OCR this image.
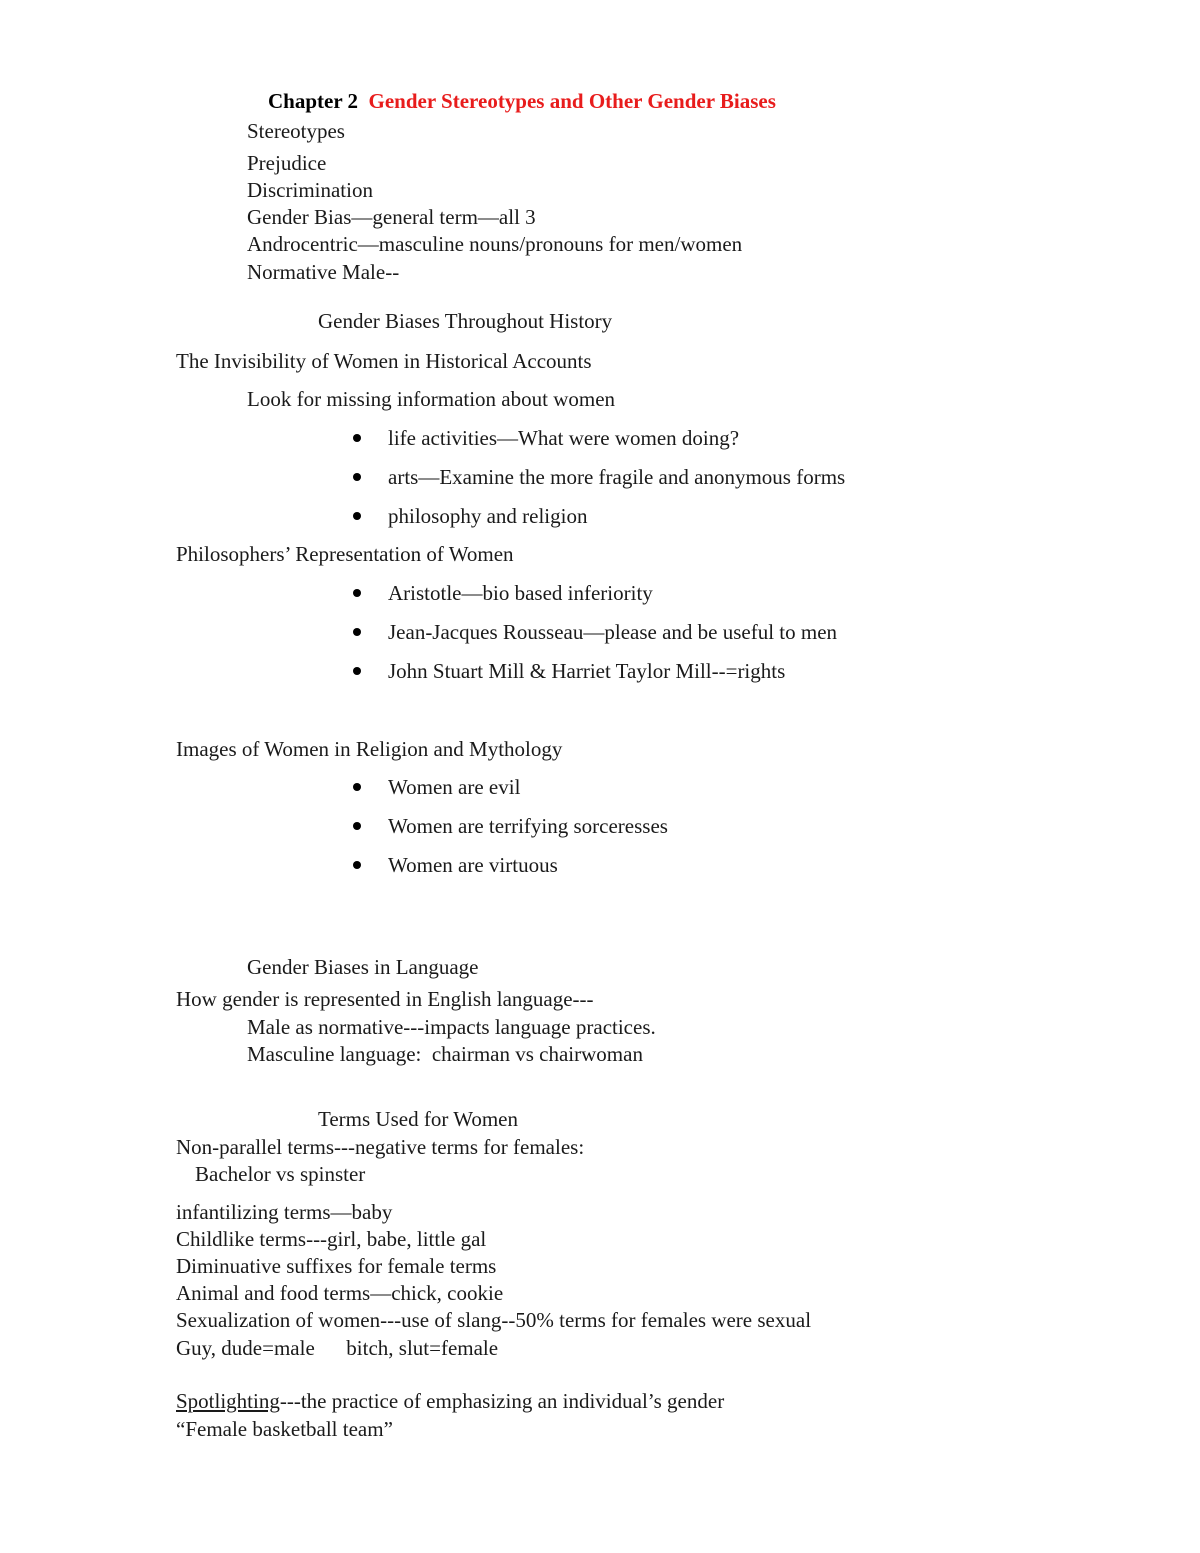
Chapter 2 Gender Stereotypes and Other Gender Biases

Stereotypes
Prejudice
Discrimination
Gender Bias—general term—all 3
Androcentric—masculine nouns/pronouns for men/women
Normative Male--
Gender Biases Throughout History
The Invisibility of Women in Historical Accounts
Look for missing information about women
life activities—What were women doing?
arts—Examine the more fragile and anonymous forms
philosophy and religion
Philosophers’ Representation of Women
Aristotle—bio based inferiority
Jean-Jacques Rousseau—please and be useful to men
John Stuart Mill & Harriet Taylor Mill--=rights
Images of Women in Religion and Mythology
Women are evil
Women are terrifying sorceresses
Women are virtuous
Gender Biases in Language
How gender is represented in English language---
Male as normative---impacts language practices.
Masculine language:  chairman vs chairwoman
Terms Used for Women
Non-parallel terms---negative terms for females:
Bachelor vs spinster
infantilizing terms—baby
Childlike terms---girl, babe, little gal
Diminuative suffixes for female terms
Animal and food terms—chick, cookie
Sexualization of women---use of slang--50% terms for females were sexual
Guy, dude=male      bitch, slut=female
Spotlighting---the practice of emphasizing an individual’s gender
“Female basketball team”
